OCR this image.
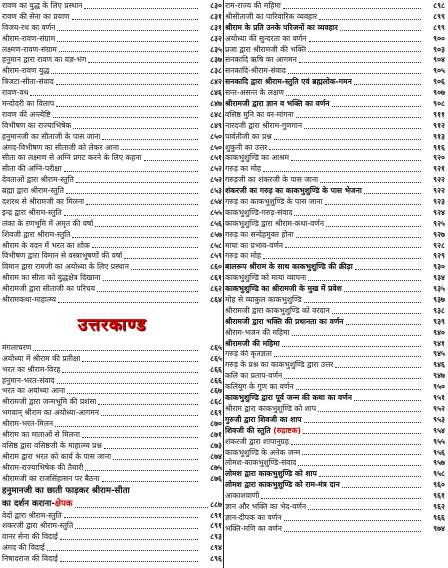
रावण का युद्ध के लिए प्रस्थान	८३०
रावण की सेना का प्रयाण	८३१
विजय-रथ का वर्णन	८३१
श्रीराम-रावण-संग्राम	८३२
लक्ष्मण-रावण-संग्राम	८३५
हनुमान द्वारा रावण का यज्ञ-भंग	८३७
श्रीराम-रावण युद्ध	८३८
त्रिजटा-सीता-संवाद	८४२
रावण-वध	८४६
मन्दोदरी का विलाप	८४७
रावण की अन्त्येष्टि	८४८
विभीषण का राज्याभिषेक	८४९
हनुमानजी का सीताजी के पास जाना	८५०
अंगद-विभीषण का सीताजी को लेकर आना	८५०
सीता का लक्ष्मण से अग्नि प्रगट करने के लिए कहना	८५१
सीता की अग्नि-परीक्षा	८५२
देवताओं द्वारा श्रीराम-स्तुति	८५२
ब्रह्मा द्वारा श्रीराम-स्तुति	८५३
दशरथ से श्रीरामजी का मिलना	८५४
इन्द्र द्वारा श्रीराम-स्तुति	८५५
लंका के रणभूमि में अमृत की वर्षा	८५६
शिवजी द्वारा श्रीराम-स्तुति	८५७
श्रीराम के वदन में भरत का शोक	८५८
विभीषण द्वारा विमान से वस्त्राभूषणों की वर्षा	८५९
विमान द्वारा रामजी का अयोध्या के लिए प्रस्थान	८६०
श्रीराम का सीता को युद्धक्षेत्र दिखाना	८६१
श्रीरामजी द्वारा सीताजी का परिचय	८६२
श्रीरामकथा-माहात्म्य	८६४
उत्तरकाण्ड
मंगलाचरण	८६५
अयोध्या में श्रीराम की प्रतीक्षा	८६५
भरत का श्रीराम-विरह	८६६
हनुमान-भरत-संवाद	८६६
भरत का अयोध्या आना	८६७
श्रीरामजी द्वारा जन्मभूमि की प्रशंसा	८६८
भगवान् श्रीराम का अयोध्या-आगमन	८६९
श्रीराम-भरत-मिलन	८७०
श्रीराम का माताओं से मिलना	८७१
वसिष्ठ द्वारा वसिष्ठजी के माहात्म्य प्रश्न	८७३
श्रीराम द्वारा भरत को कार्य के पास जाना	८७४
श्रीराम-राज्याभिषेक की तैयारी	८७५
श्रीरामजी का राजसिंहासन पर बैठना	८७६
हनुमानजी का छाती फाड़कर श्रीराम-सीता
का दर्शन कराना- क्षेपक	८८७
वेदों द्वारा श्रीराम-स्तुति	८९१
शंकरजी द्वारा श्रीराम-स्तुति	८९१
वानर सेना की विदाई	८९३
अंगद की विदाई	८९४
निषादराज की विदाई	८९६
राम-राज्य की महिमा	८९८
श्रीसीताजी का पारिवारिक व्यवहार	८९९
श्रीराम के प्रति उनके परिजनों का व्यवहार	८९९
अयोध्या की सुन्दरता का वर्णन	९००
प्रजा द्वारा श्रीरामजी की भक्ति	९०३
सनकादि ऋषि का आगमन	९०४
सनकादि-श्रीराम-संवाद	९०५
सनकादि द्वारा श्रीराम-स्तुति एवं ब्रह्मलोक-गमन	९०६
सन्त-असन्त के लक्षण	९०७
श्रीरामजी द्वारा ज्ञान व भक्ति का वर्णन	९०८
वसिष्ठ मुनि का वर-मांगना	९११
नारदजी द्वारा श्रीराम-गुणगान	९१२
पार्वतीजी का प्रश्न	९१३
शुकुनी का उत्तर	९१६
काकभुशुण्डि का आश्रम	९२०
गरुड़ का मोह	९२१
गरुड़जी का शंकरजी के पास जाना	९२२
शंकरजी का गरुड़ का काकभुशुण्डि के पास भेजना	९२२
गरुड़ का काकभुशुण्डि के पास जाना	९२३
काकभुशुण्डि-गरुड़-संवाद	९२४
काकभुशुण्डि द्वारा श्रीराम-कथा-वर्णन	९२५
गरुड़ का सन्देहमुक्त होना	९२७
माया का प्रभाव-वर्णन	९२८
गरुड़ का मोह	९२९
बालरूप श्रीराम के साथ काकभुशुण्डि की क्रीड़ा	९३०
काकभुशुण्डि को माया व्यापना	९३४
काकभुशुण्डि का श्रीरामजी के मुख में प्रवेश	९३५
मोह से व्याकुल काकभुशुण्डि	९३७
श्रीरामजी द्वारा काकभुशुण्डि को वरदान	९३८
श्रीरामजी द्वारा भक्ति की प्रधानता का वर्णन	९३९
श्रीराम-भजन की महिमा	९४०
श्रीरामजी की महिमा	९४१
गरुड़ की कृतज्ञता	९४५
गरुड़ के प्रश्न का काकभुशुण्डि द्वारा उत्तर	९४६
कलि का प्रताप-वर्णन	९४७
कलियुग के गुण का वर्णन	९५०
काकभुशुण्डि द्वारा पूर्व जन्म की कथा का वर्णन	९५१
श्रीराम द्वारा काकभुशुण्डि को शाप	९५२
गुरुजी द्वारा शिवजी का शाप	९५३
शिवजी की स्तुति (रुद्राष्टक)	९५४
शंकरजी द्वारा शापानुग्रह	९५५
काकभुशुण्डि के अनेक जन्म	९५६
लोमश-काकभुशुण्डि-संवाद	९५७
लोमश द्वारा काकभुशुण्डि को शाप	९५८
लोमश द्वारा काकभुशुण्डि को राम-मंत्र दान	९६०
आकाशवाणी	९६१
ज्ञान और भक्ति का भेद-वर्णन	९६२
ज्ञान-दीपक का वर्णन	९६६
भक्ति-मणि का वर्णन	९७४
